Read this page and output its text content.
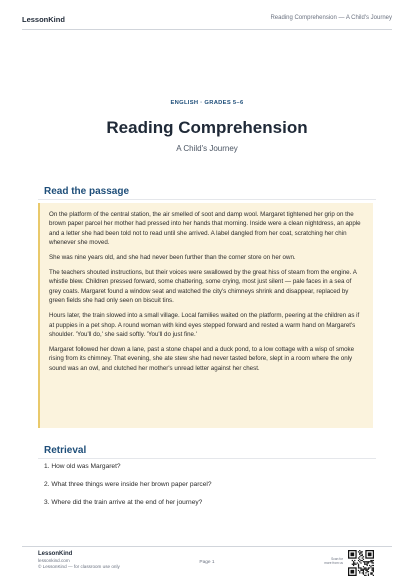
LessonKind	Reading Comprehension — A Child's Journey
ENGLISH · GRADES 5–6
Reading Comprehension
A Child's Journey
Read the passage

On the platform of the central station, the air smelled of soot and damp wool. Margaret tightened her grip on the brown paper parcel her mother had pressed into her hands that morning. Inside were a clean nightdress, an apple and a letter she had been told not to read until she arrived. A label dangled from her coat, scratching her chin whenever she moved.

She was nine years old, and she had never been further than the corner store on her own.

The teachers shouted instructions, but their voices were swallowed by the great hiss of steam from the engine. A whistle blew. Children pressed forward, some chattering, some crying, most just silent — pale faces in a sea of grey coats. Margaret found a window seat and watched the city's chimneys shrink and disappear, replaced by green fields she had only seen on biscuit tins.

Hours later, the train slowed into a small village. Local families waited on the platform, peering at the children as if at puppies in a pet shop. A round woman with kind eyes stepped forward and rested a warm hand on Margaret's shoulder. 'You'll do,' she said softly. 'You'll do just fine.'

Margaret followed her down a lane, past a stone chapel and a duck pond, to a low cottage with a wisp of smoke rising from its chimney. That evening, she ate stew she had never tasted before, slept in a room where the only sound was an owl, and clutched her mother's unread letter against her chest.

Retrieval
1. How old was Margaret?
2. What three things were inside her brown paper parcel?
3. Where did the train arrive at the end of her journey?
LessonKind
lessonkind.com
© LessonKind — for classroom use only
Page 1
Scan for
more from us
